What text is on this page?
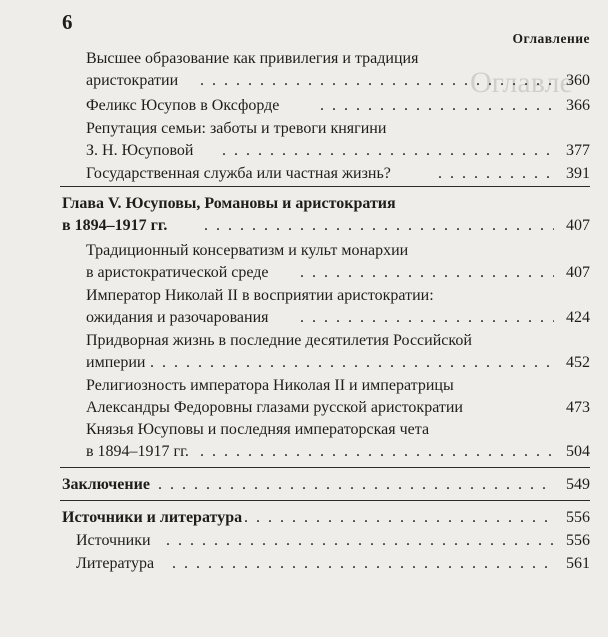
6
Оглавление
Оглавле
Высшее образование как привилегия и традиция
аристократии . . .	360
Феликс Юсупов в Оксфорде . . .	366
Репутация семьи: заботы и тревоги княгини
З. Н. Юсуповой . . .	377
Государственная служба или частная жизнь? . . .	391
Глава V. Юсуповы, Романовы и аристократия
в 1894–1917 гг. . . .	407
Традиционный консерватизм и культ монархии
в аристократической среде . . .	407
Император Николай II в восприятии аристократии:
ожидания и разочарования . . .	424
Придворная жизнь в последние десятилетия Российской
империи . . .	452
Религиозность императора Николая II и императрицы
Александры Федоровны глазами русской аристократии	473
Князья Юсуповы и последняя императорская чета
в 1894–1917 гг. . . .	504
Заключение . . .	549
Источники и литература . . .	556
Источники . . .	556
Литература . . .	561
